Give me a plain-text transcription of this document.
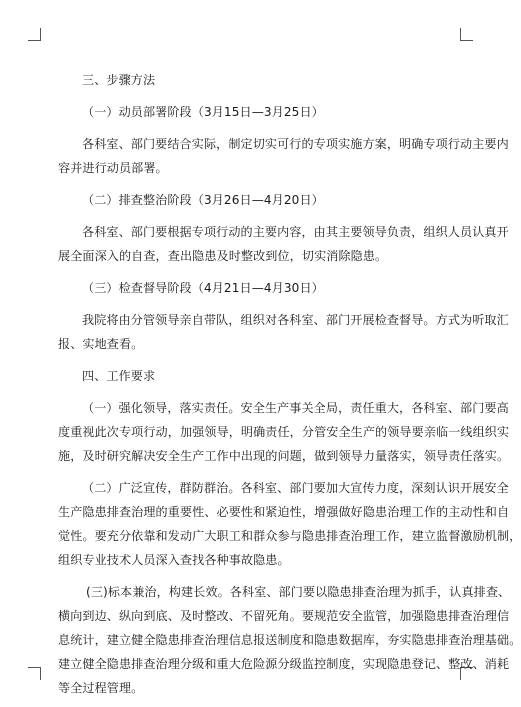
三、步骤方法
（一）动员部署阶段（3月15日—3月25日）
各科室、部门要结合实际，制定切实可行的专项实施方案，明确专项行动主要内
容并进行动员部署。
（二）排查整治阶段（3月26日—4月20日）
各科室、部门要根据专项行动的主要内容，由其主要领导负责，组织人员认真开
展全面深入的自查，查出隐患及时整改到位，切实消除隐患。
（三）检查督导阶段（4月21日—4月30日）
我院将由分管领导亲自带队，组织对各科室、部门开展检查督导。方式为听取汇
报、实地查看。
四、工作要求
（一）强化领导，落实责任。安全生产事关全局，责任重大，各科室、部门要高
度重视此次专项行动，加强领导，明确责任，分管安全生产的领导要亲临一线组织实
施，及时研究解决安全生产工作中出现的问题，做到领导力量落实，领导责任落实。
（二）广泛宣传，群防群治。各科室、部门要加大宣传力度，深刻认识开展安全
生产隐患排查治理的重要性、必要性和紧迫性，增强做好隐患治理工作的主动性和自
觉性。要充分依靠和发动广大职工和群众参与隐患排查治理工作，建立监督激励机制，
组织专业技术人员深入查找各种事故隐患。
(三)标本兼治，构建长效。各科室、部门要以隐患排查治理为抓手，认真排查、
横向到边、纵向到底、及时整改、不留死角。要规范安全监管，加强隐患排查治理信
息统计，建立健全隐患排查治理信息报送制度和隐患数据库，夯实隐患排查治理基础。
建立健全隐患排查治理分级和重大危险源分级监控制度，实现隐患登记、整改、消耗
等全过程管理。
